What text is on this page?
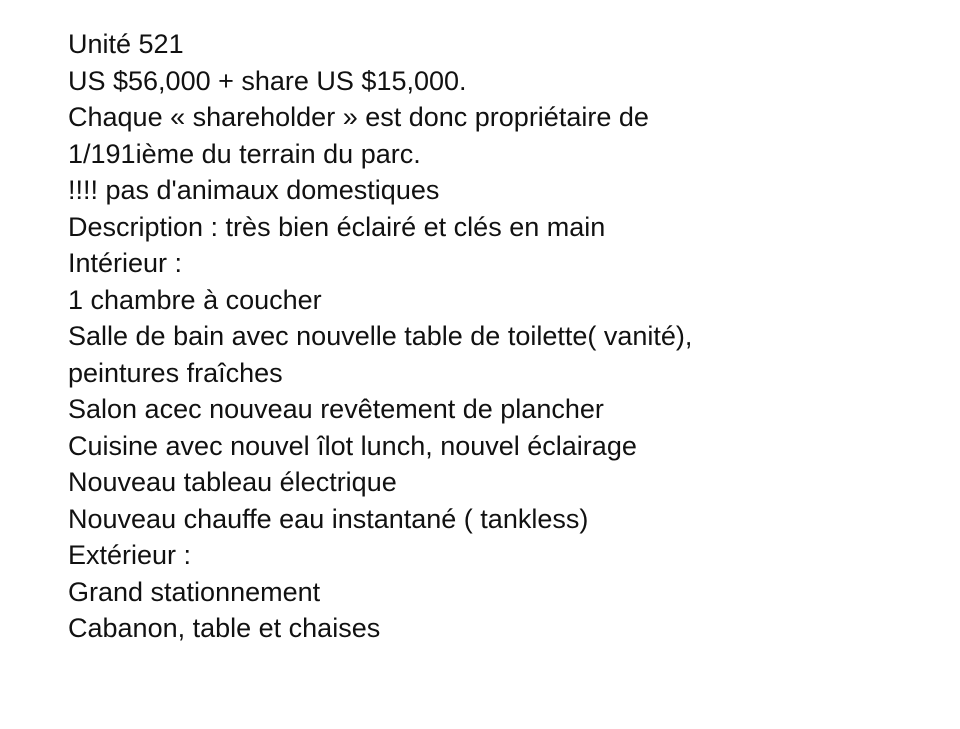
Unité 521

US $56,000 + share US $15,000.

Chaque « shareholder » est donc propriétaire de

1/191ième du terrain du parc.

!!!! pas d'animaux domestiques

Description : très bien éclairé et clés en main

Intérieur :

1 chambre à coucher

Salle de bain avec nouvelle table de toilette( vanité),

peintures fraîches

Salon acec nouveau revêtement de plancher

Cuisine avec nouvel îlot lunch, nouvel éclairage

Nouveau tableau électrique

Nouveau chauffe eau instantané ( tankless)

Extérieur :

Grand stationnement

Cabanon, table et chaises
